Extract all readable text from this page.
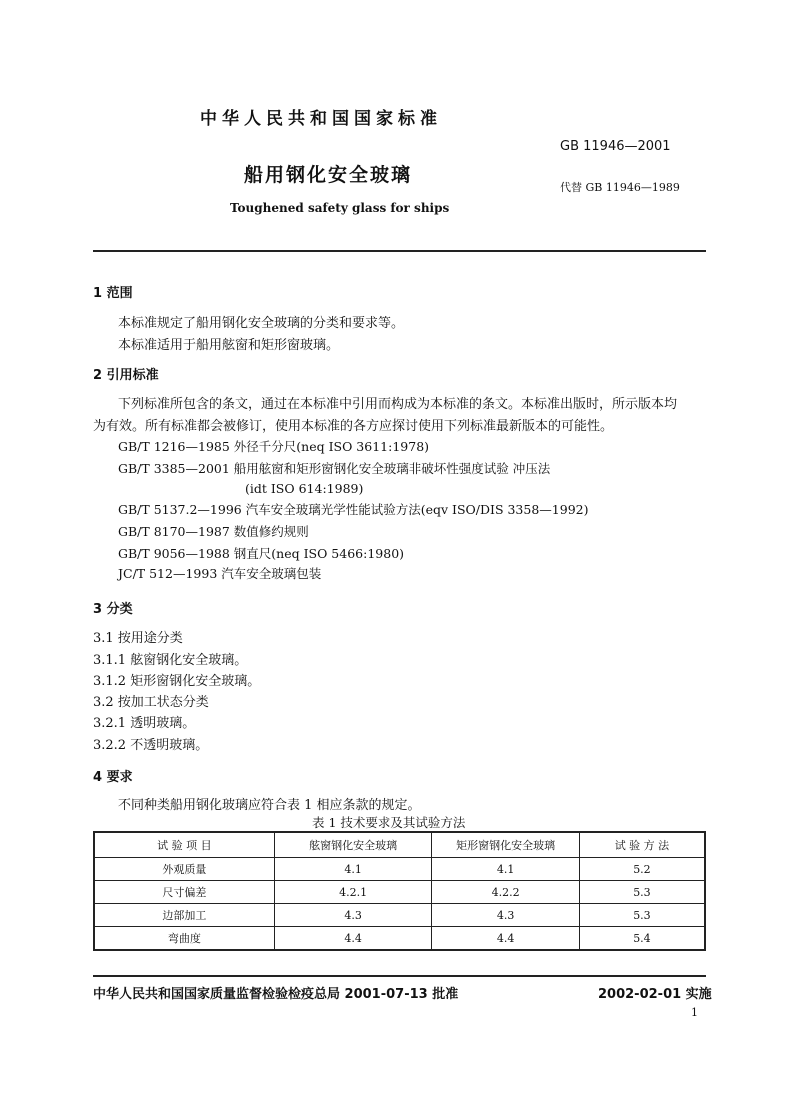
中华人民共和国国家标准
GB 11946—2001
船用钢化安全玻璃
代替 GB 11946—1989
Toughened safety glass for ships
1 范围
本标准规定了船用钢化安全玻璃的分类和要求等。
本标准适用于船用舷窗和矩形窗玻璃。
2 引用标准
下列标准所包含的条文，通过在本标准中引用而构成为本标准的条文。本标准出版时，所示版本均
为有效。所有标准都会被修订，使用本标准的各方应探讨使用下列标准最新版本的可能性。
GB/T 1216—1985 外径千分尺(neq ISO 3611:1978)
GB/T 3385—2001 船用舷窗和矩形窗钢化安全玻璃非破坏性强度试验 冲压法
(idt ISO 614:1989)
GB/T 5137.2—1996 汽车安全玻璃光学性能试验方法(eqv ISO/DIS 3358—1992)
GB/T 8170—1987 数值修约规则
GB/T 9056—1988 钢直尺(neq ISO 5466:1980)
JC/T 512—1993 汽车安全玻璃包装
3 分类
3.1 按用途分类
3.1.1 舷窗钢化安全玻璃。
3.1.2 矩形窗钢化安全玻璃。
3.2 按加工状态分类
3.2.1 透明玻璃。
3.2.2 不透明玻璃。
4 要求
不同种类船用钢化玻璃应符合表 1 相应条款的规定。
表 1 技术要求及其试验方法
试 验 项 目	舷窗钢化安全玻璃	矩形窗钢化安全玻璃	试 验 方 法
外观质量	4.1	4.1	5.2
尺寸偏差	4.2.1	4.2.2	5.3
边部加工	4.3	4.3	5.3
弯曲度	4.4	4.4	5.4
中华人民共和国国家质量监督检验检疫总局 2001-07-13 批准	2002-02-01 实施
1
